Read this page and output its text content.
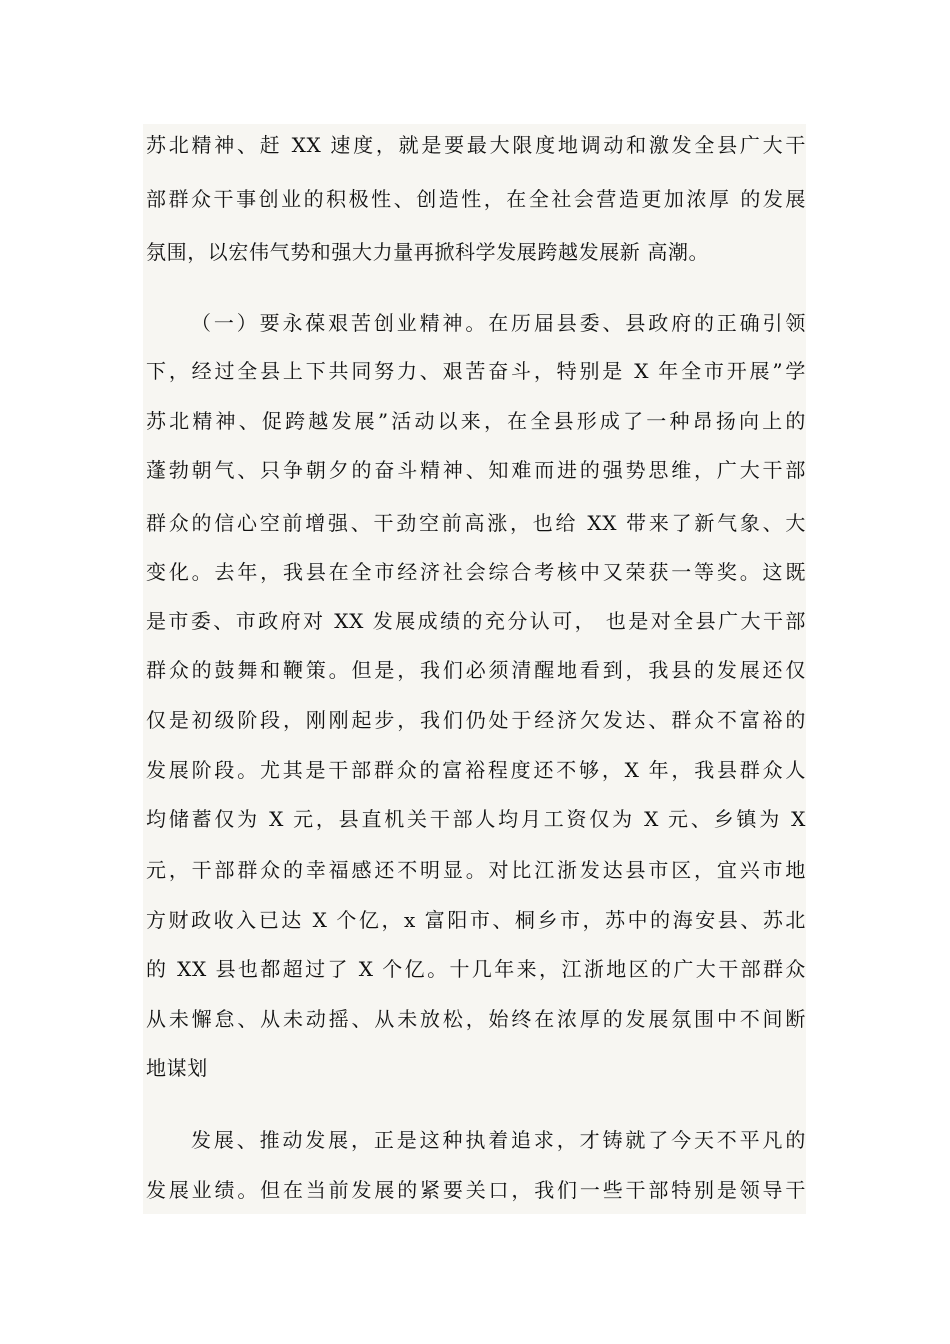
苏北精神、赶 XX 速度，就是要最大限度地调动和激发全县广大干
部群众干事创业的积极性、创造性，在全社会营造更加浓厚 的发展
氛围，以宏伟气势和强大力量再掀科学发展跨越发展新 高潮。
（一）要永葆艰苦创业精神。在历届县委、县政府的正确引领
下，经过全县上下共同努力、艰苦奋斗，特别是 X 年全市开展”学
苏北精神、促跨越发展”活动以来，在全县形成了一种昂扬向上的
蓬勃朝气、只争朝夕的奋斗精神、知难而进的强势思维，广大干部
群众的信心空前增强、干劲空前高涨，也给 XX 带来了新气象、大
变化。去年，我县在全市经济社会综合考核中又荣获一等奖。这既
是市委、市政府对 XX 发展成绩的充分认可， 也是对全县广大干部
群众的鼓舞和鞭策。但是，我们必须清醒地看到，我县的发展还仅
仅是初级阶段，刚刚起步，我们仍处于经济欠发达、群众不富裕的
发展阶段。尤其是干部群众的富裕程度还不够，X 年，我县群众人
均储蓄仅为 X 元，县直机关干部人均月工资仅为 X 元、乡镇为 X
元，干部群众的幸福感还不明显。对比江浙发达县市区，宜兴市地
方财政收入已达 X 个亿，x 富阳市、桐乡市，苏中的海安县、苏北
的 XX 县也都超过了 X 个亿。十几年来，江浙地区的广大干部群众
从未懈怠、从未动摇、从未放松，始终在浓厚的发展氛围中不间断
地谋划
发展、推动发展，正是这种执着追求，才铸就了今天不平凡的
发展业绩。但在当前发展的紧要关口，我们一些干部特别是领导干
